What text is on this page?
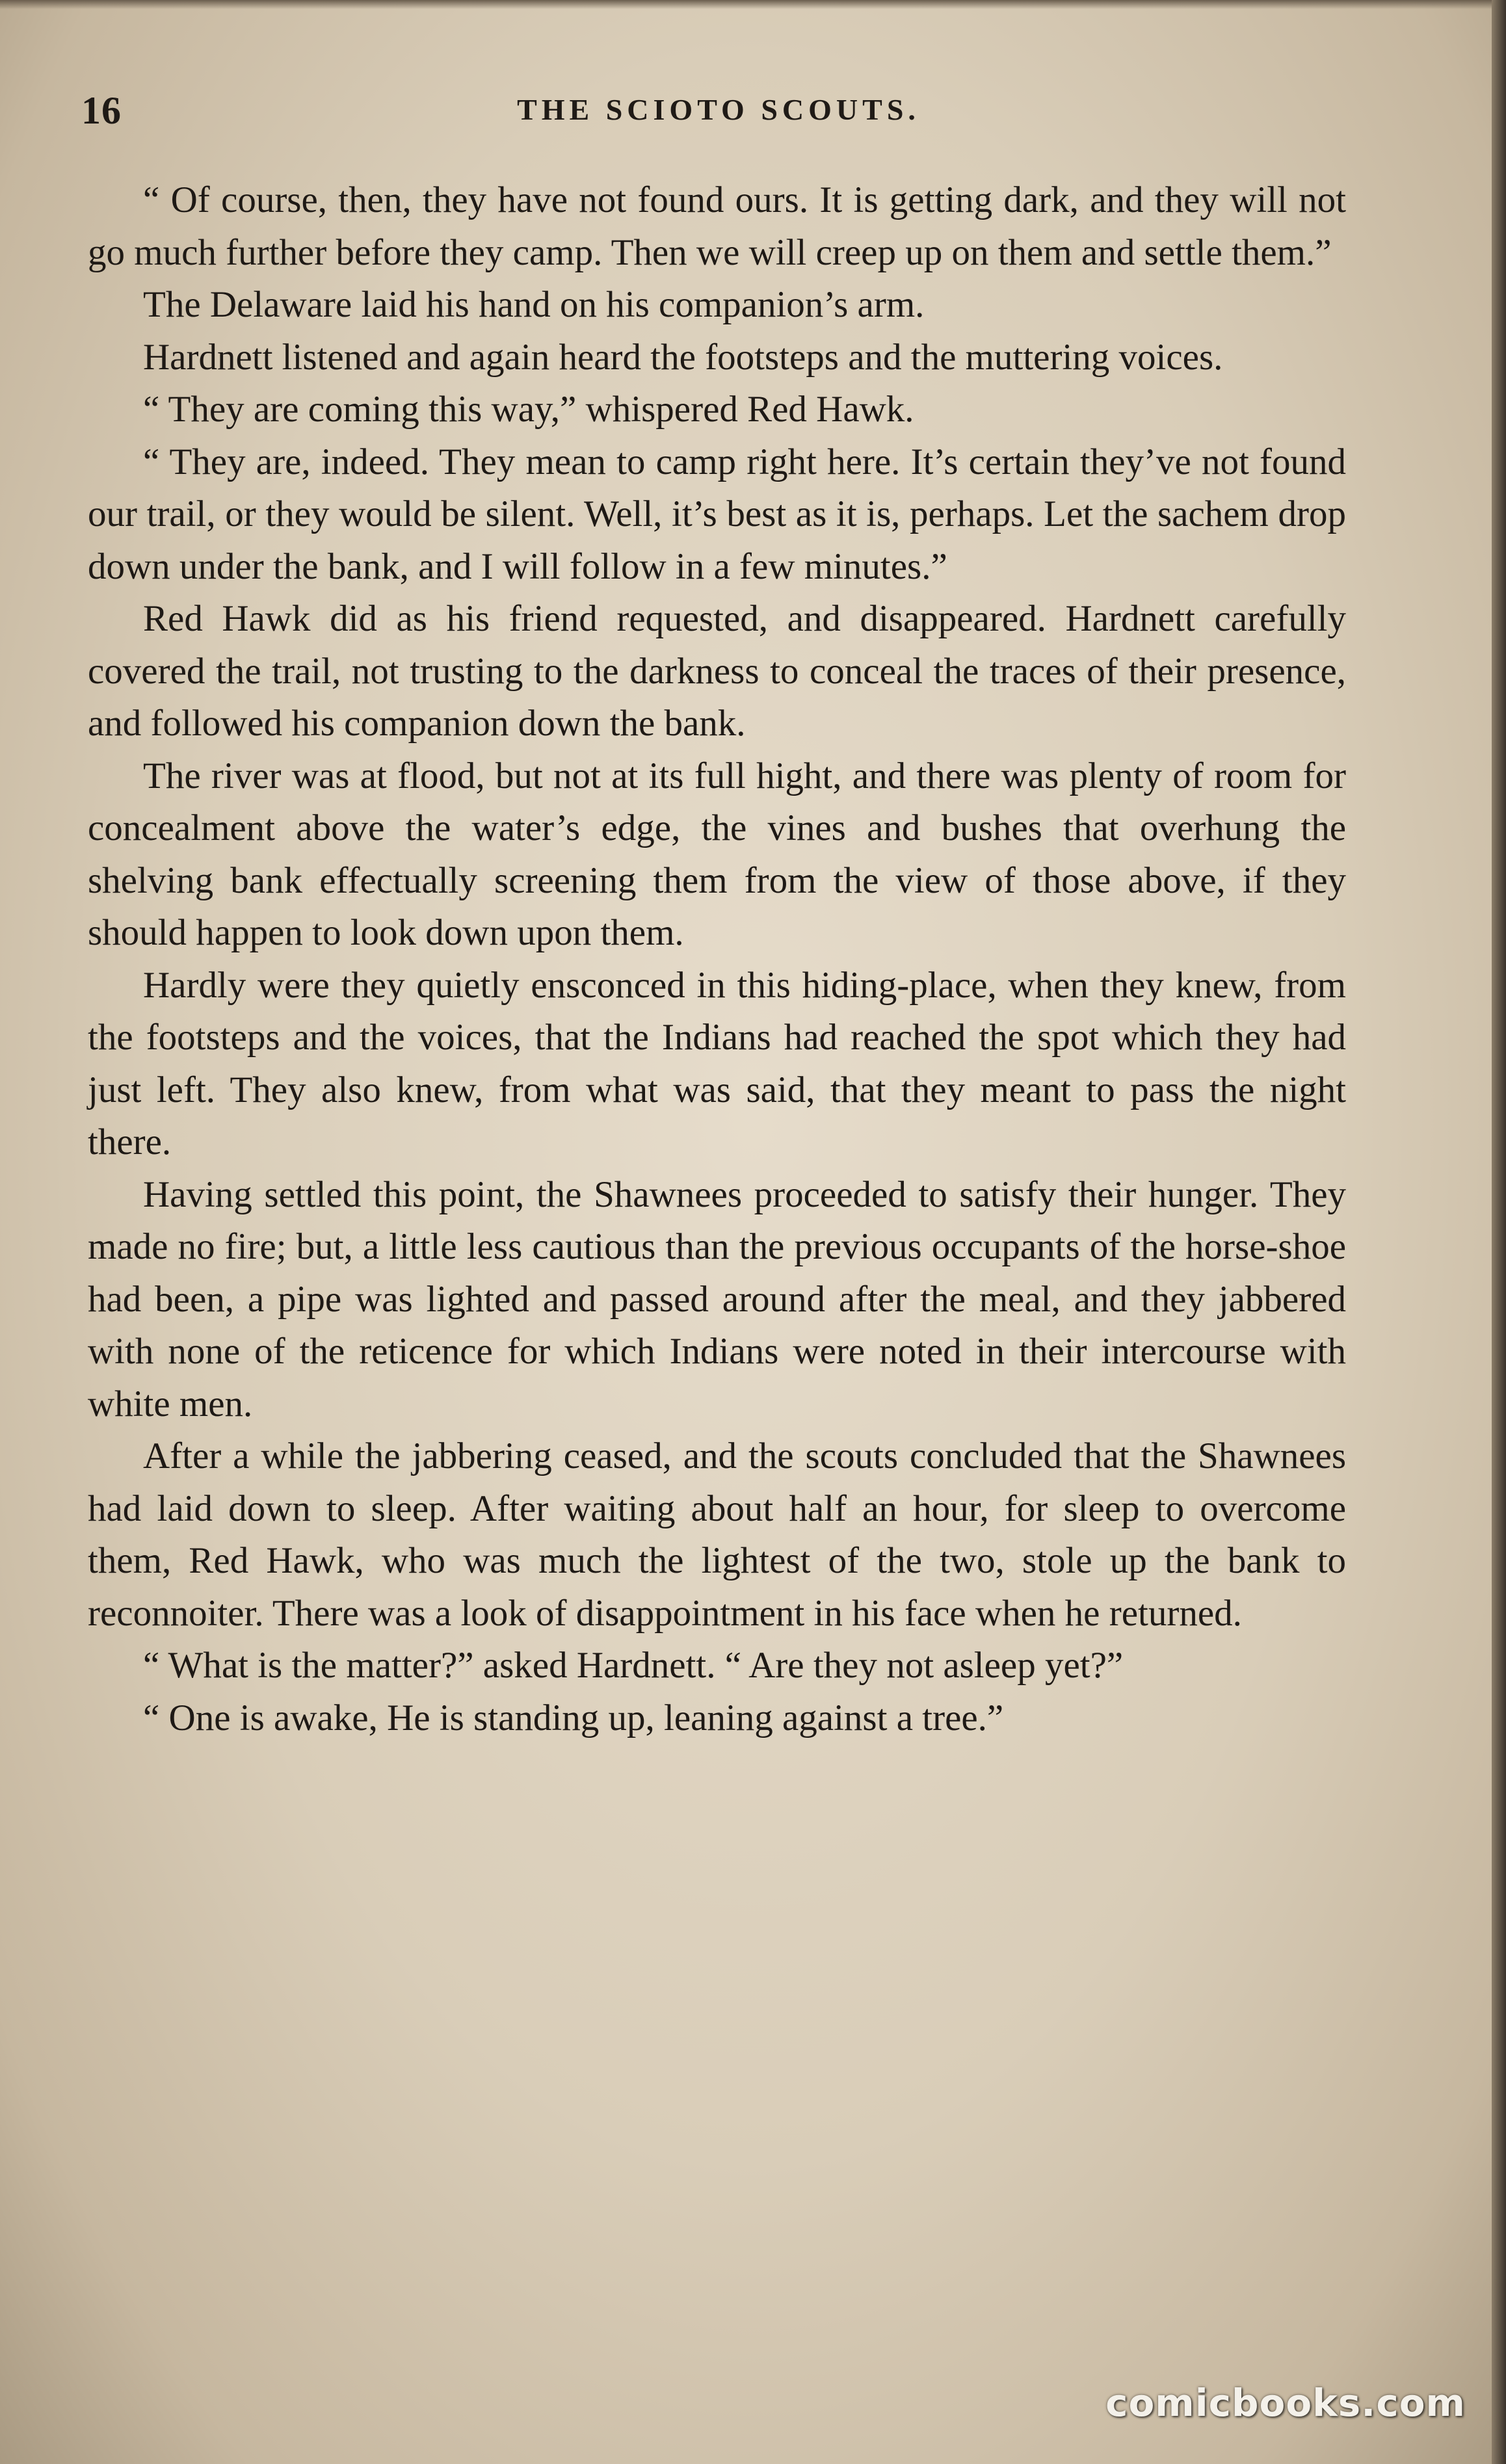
16	THE SCIOTO SCOUTS.

“ Of course, then, they have not found ours. It is getting dark, and they will not go much further before they camp. Then we will creep up on them and settle them.”

The Delaware laid his hand on his companion’s arm.

Hardnett listened and again heard the footsteps and the muttering voices.

“ They are coming this way,” whispered Red Hawk.

“ They are, indeed. They mean to camp right here. It’s certain they’ve not found our trail, or they would be silent. Well, it’s best as it is, perhaps. Let the sachem drop down under the bank, and I will follow in a few minutes.”

Red Hawk did as his friend requested, and disappeared. Hardnett carefully covered the trail, not trusting to the darkness to conceal the traces of their presence, and followed his companion down the bank.

The river was at flood, but not at its full hight, and there was plenty of room for concealment above the water’s edge, the vines and bushes that overhung the shelving bank effectually screening them from the view of those above, if they should happen to look down upon them.

Hardly were they quietly ensconced in this hiding-place, when they knew, from the footsteps and the voices, that the Indians had reached the spot which they had just left. They also knew, from what was said, that they meant to pass the night there.

Having settled this point, the Shawnees proceeded to satisfy their hunger. They made no fire; but, a little less cautious than the previous occupants of the horse-shoe had been, a pipe was lighted and passed around after the meal, and they jabbered with none of the reticence for which Indians were noted in their intercourse with white men.

After a while the jabbering ceased, and the scouts concluded that the Shawnees had laid down to sleep. After waiting about half an hour, for sleep to overcome them, Red Hawk, who was much the lightest of the two, stole up the bank to reconnoiter. There was a look of disappointment in his face when he returned.

“ What is the matter?” asked Hardnett. “ Are they not asleep yet?”

“ One is awake, He is standing up, leaning against a tree.”

comicbooks.com
